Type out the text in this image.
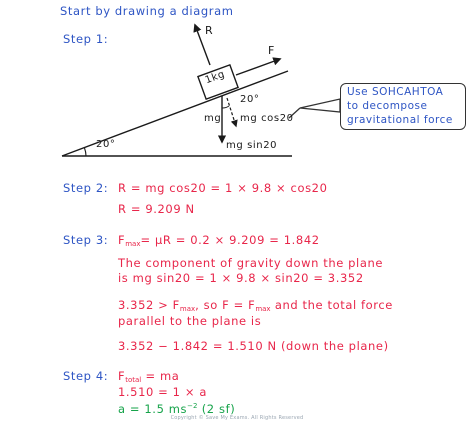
Start by drawing a diagram
Step 1:
R
F
1kg
20°
20°
mg mg cos20
mg sin20
Use SOHCAHTOA
to decompose
gravitational force
Step 2: R = mg cos20 = 1 × 9.8 × cos20
R = 9.209 N
Step 3: $F_{max}= \mu R = 0.2 \times 9.209 = 1.842$
The component of gravity down the plane
is mg sin20 = 1 × 9.8 × sin20 = 3.352
$3.352 > F_{max}$, so $F = F_{max}$ and the total force
parallel to the plane is
3.352 − 1.842 = 1.510 N (down the plane)
Step 4: $F_{total}$ = ma
1.510 = 1 × a
a = 1.5 $ms^{-2}$ (2 sf)
Copyright © Save My Exams. All Rights Reserved
